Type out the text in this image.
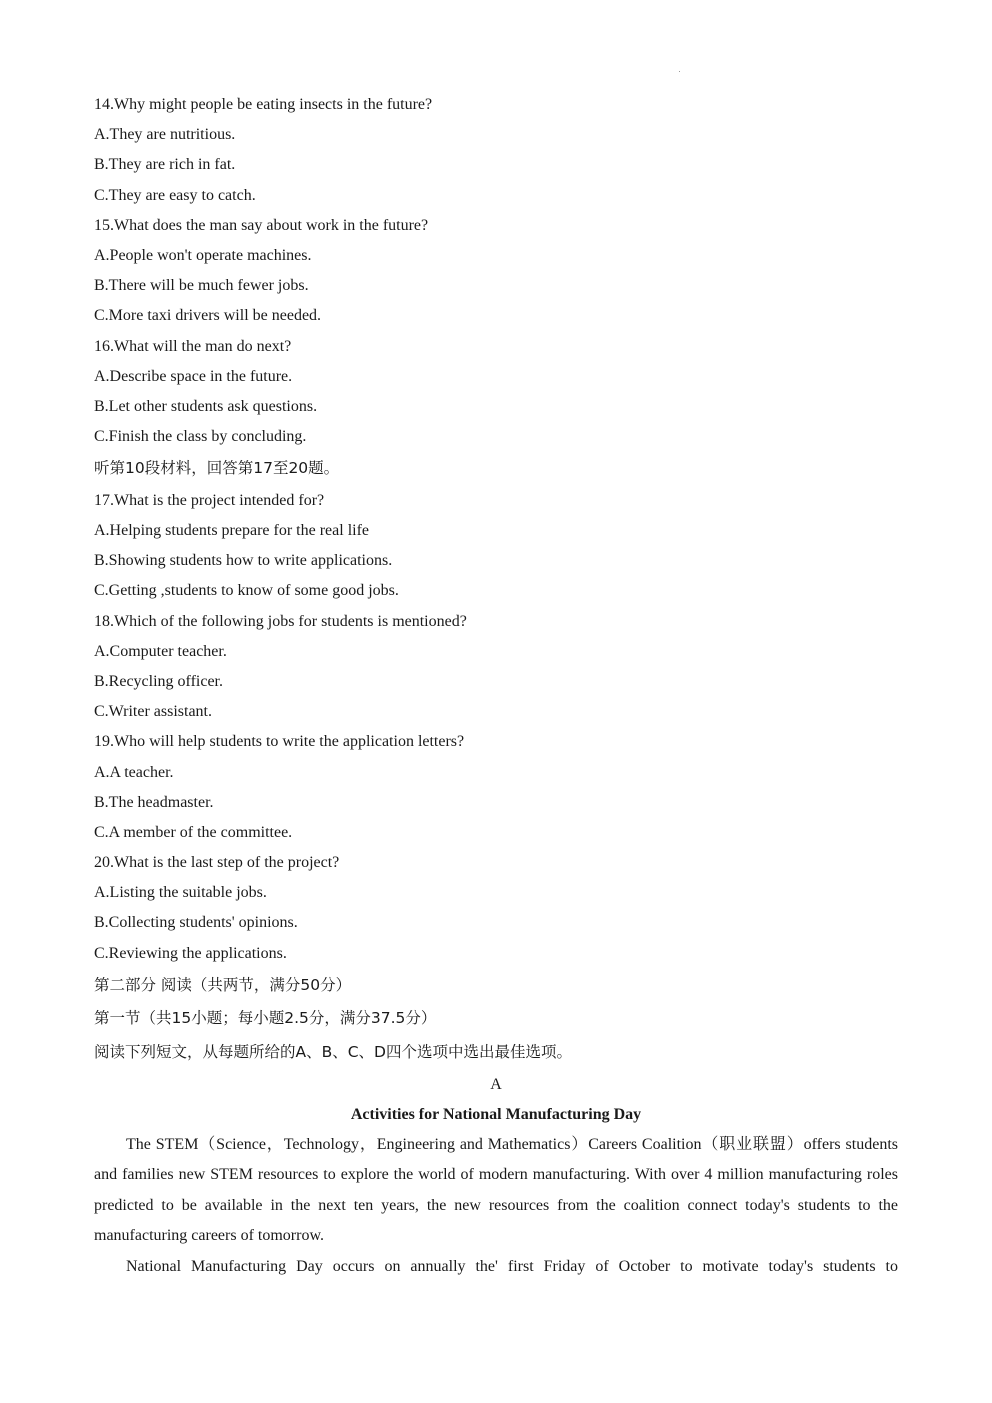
14.Why might people be eating insects in the future?
A.They are nutritious.
B.They are rich in fat.
C.They are easy to catch.
15.What does the man say about work in the future?
A.People won't operate machines.
B.There will be much fewer jobs.
C.More taxi drivers will be needed.
16.What will the man do next?
A.Describe space in the future.
B.Let other students ask questions.
C.Finish the class by concluding.
听第10段材料，回答第17至20题。
17.What is the project intended for?
A.Helping students prepare for the real life
B.Showing students how to write applications.
C.Getting ,students to know of some good jobs.
18.Which of the following jobs for students is mentioned?
A.Computer teacher.
B.Recycling officer.
C.Writer assistant.
19.Who will help students to write the application letters?
A.A teacher.
B.The headmaster.
C.A member of the committee.
20.What is the last step of the project?
A.Listing the suitable jobs.
B.Collecting students' opinions.
C.Reviewing the applications.
第二部分 阅读（共两节，满分50分）
第一节（共15小题；每小题2.5分，满分37.5分）
阅读下列短文，从每题所给的A、B、C、D四个选项中选出最佳选项。
A
Activities for National Manufacturing Day

The STEM（Science，Technology，Engineering and Mathematics）Careers Coalition（职业联盟）offers students and families new STEM resources to explore the world of modern manufacturing. With over 4 million manufacturing roles predicted to be available in the next ten years, the new resources from the coalition connect today's students to the manufacturing careers of tomorrow.

National Manufacturing Day occurs on annually the' first Friday of October to motivate today's students to
